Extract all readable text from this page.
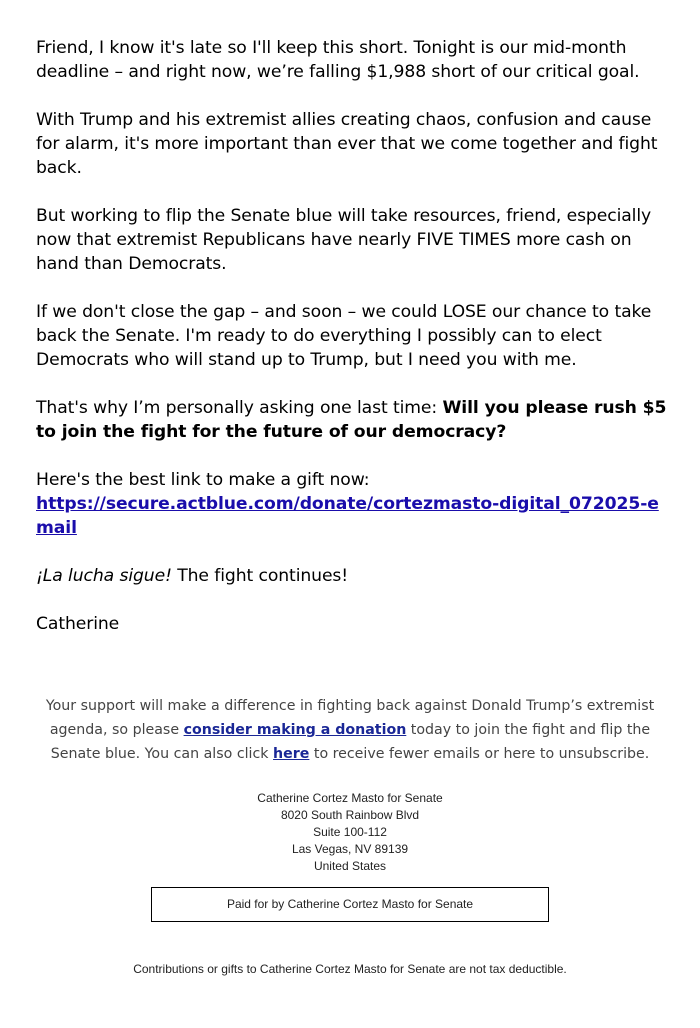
Friend, I know it's late so I'll keep this short. Tonight is our mid-month deadline – and right now, we’re falling $1,988 short of our critical goal.

With Trump and his extremist allies creating chaos, confusion and cause for alarm, it's more important than ever that we come together and fight back.

But working to flip the Senate blue will take resources, friend, especially now that extremist Republicans have nearly FIVE TIMES more cash on hand than Democrats.

If we don't close the gap – and soon – we could LOSE our chance to take back the Senate. I'm ready to do everything I possibly can to elect Democrats who will stand up to Trump, but I need you with me.

That's why I’m personally asking one last time: Will you please rush $5 to join the fight for the future of our democracy?

Here's the best link to make a gift now:
https://secure.actblue.com/donate/cortezmasto-digital_072025-email

¡La lucha sigue! The fight continues!

Catherine

Your support will make a difference in fighting back against Donald Trump’s extremist agenda, so please consider making a donation today to join the fight and flip the Senate blue. You can also click here to receive fewer emails or here to unsubscribe.
Catherine Cortez Masto for Senate
8020 South Rainbow Blvd
Suite 100-112
Las Vegas, NV 89139
United States
Paid for by Catherine Cortez Masto for Senate
Contributions or gifts to Catherine Cortez Masto for Senate are not tax deductible.
